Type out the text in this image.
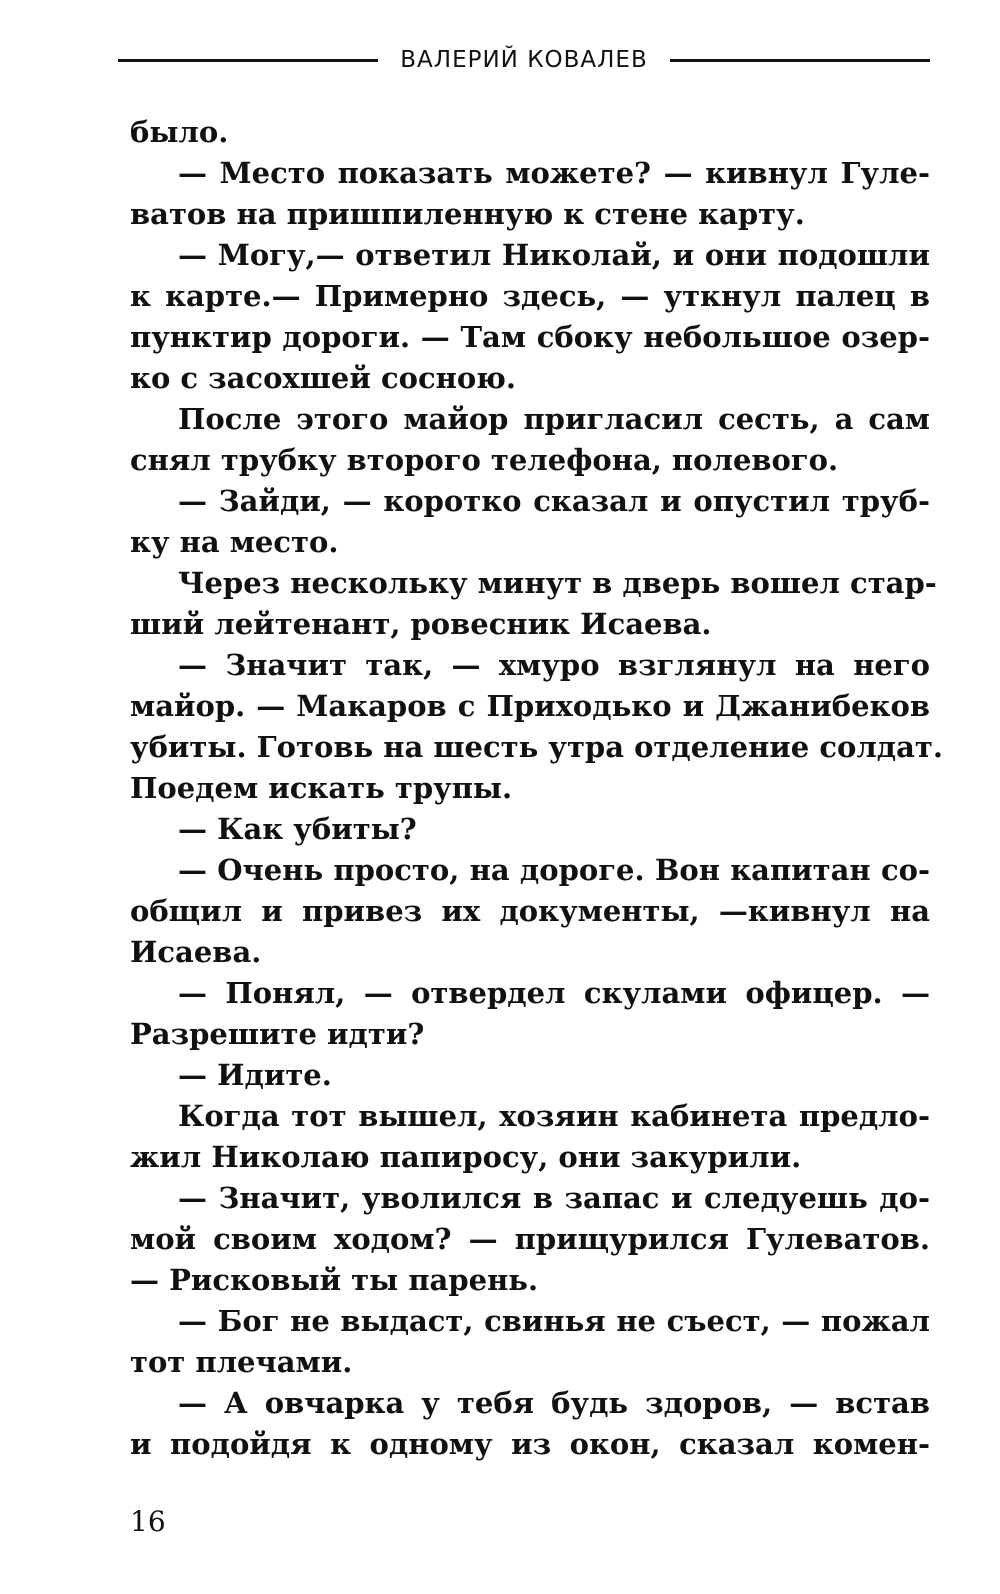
ВАЛЕРИЙ КОВАЛЕВ
было.
— Место показать можете? — кивнул Гуле-
ватов на пришпиленную к стене карту.
— Могу,— ответил Николай, и они подошли
к карте.— Примерно здесь, — уткнул палец в
пунктир дороги. — Там сбоку небольшое озер-
ко с засохшей сосною.
После этого майор пригласил сесть, а сам
снял трубку второго телефона, полевого.
— Зайди, — коротко сказал и опустил труб-
ку на место.
Через нескольку минут в дверь вошел стар-
ший лейтенант, ровесник Исаева.
— Значит так, — хмуро взглянул на него
майор. — Макаров с Приходько и Джанибеков
убиты. Готовь на шесть утра отделение солдат.
Поедем искать трупы.
— Как убиты?
— Очень просто, на дороге. Вон капитан со-
общил и привез их документы, —кивнул на
Исаева.
— Понял, — отвердел скулами офицер. —
Разрешите идти?
— Идите.
Когда тот вышел, хозяин кабинета предло-
жил Николаю папиросу, они закурили.
— Значит, уволился в запас и следуешь до-
мой своим ходом? — прищурился Гулеватов.
— Рисковый ты парень.
— Бог не выдаст, свинья не съест, — пожал
тот плечами.
— А овчарка у тебя будь здоров, — встав
и подойдя к одному из окон, сказал комен-
16
